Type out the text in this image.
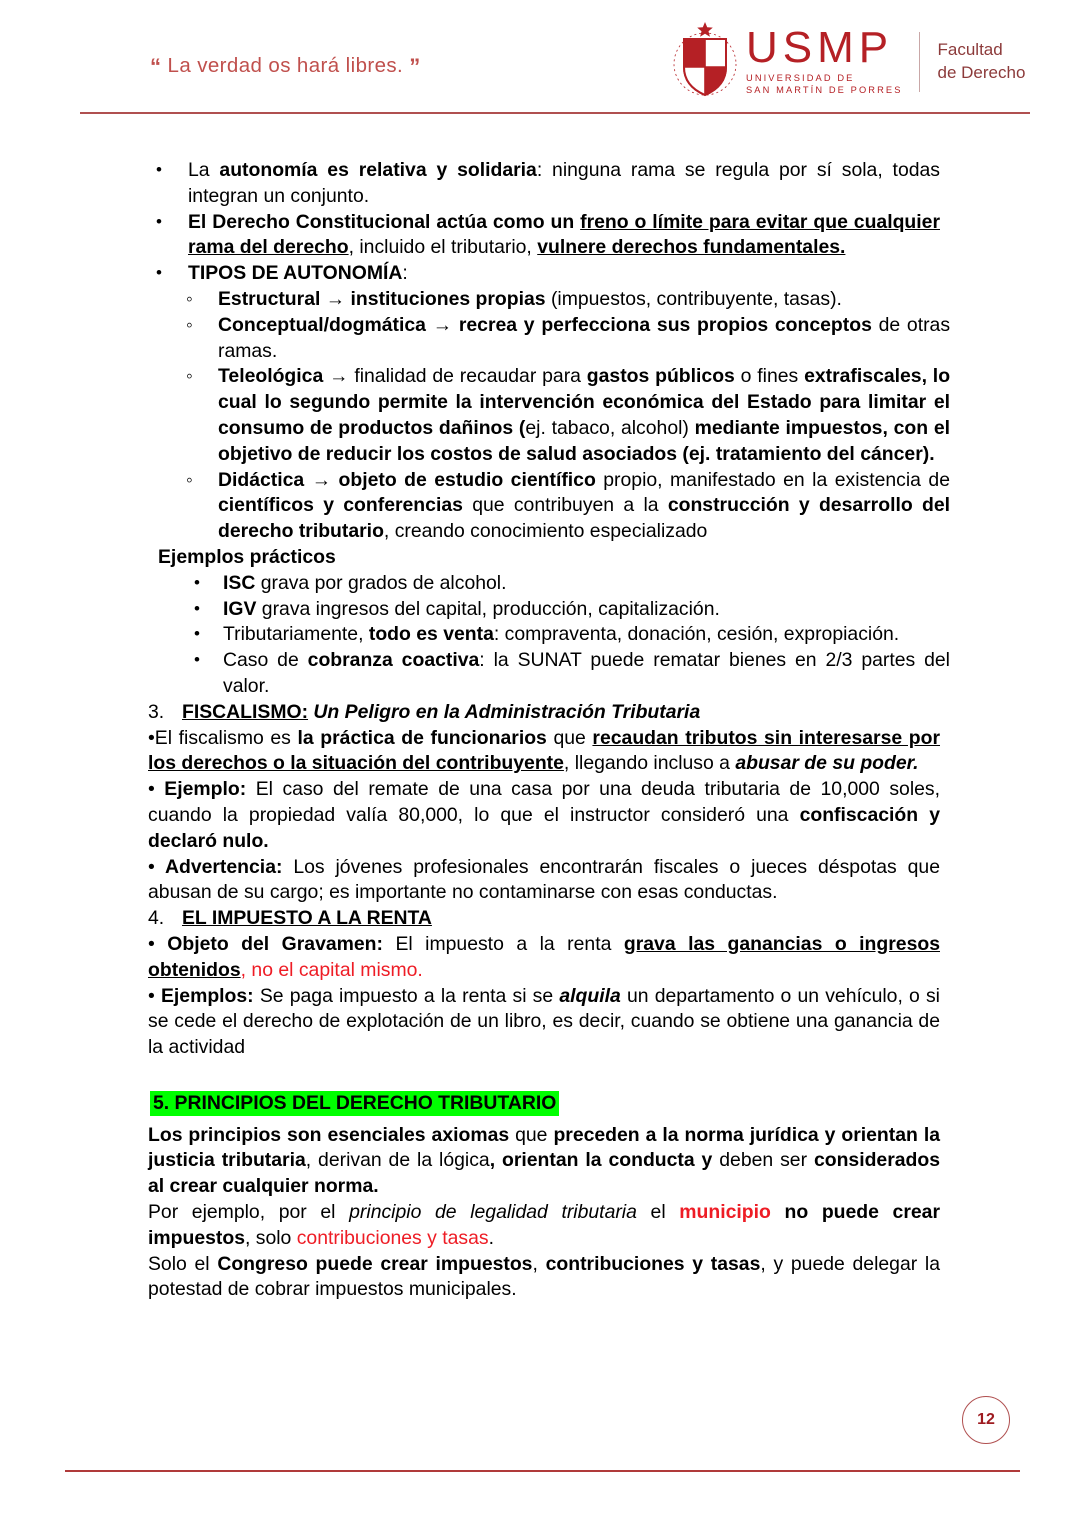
“ La verdad os hará libres. ”	USMP
UNIVERSIDAD DE
SAN MARTÍN DE PORRES
Facultad
de Derecho
• La autonomía es relativa y solidaria: ninguna rama se regula por sí sola, todas integran un conjunto.
• El Derecho Constitucional actúa como un freno o límite para evitar que cualquier rama del derecho, incluido el tributario, vulnere derechos fundamentales.
• TIPOS DE AUTONOMÍA:
◦ Estructural → instituciones propias (impuestos, contribuyente, tasas).
◦ Conceptual/dogmática → recrea y perfecciona sus propios conceptos de otras ramas.
◦ Teleológica → finalidad de recaudar para gastos públicos o fines extrafiscales, lo cual lo segundo permite la intervención económica del Estado para limitar el consumo de productos dañinos (ej. tabaco, alcohol) mediante impuestos, con el objetivo de reducir los costos de salud asociados (ej. tratamiento del cáncer).
◦ Didáctica → objeto de estudio científico propio, manifestado en la existencia de científicos y conferencias que contribuyen a la construcción y desarrollo del derecho tributario, creando conocimiento especializado
Ejemplos prácticos
• ISC grava por grados de alcohol.
• IGV grava ingresos del capital, producción, capitalización.
• Tributariamente, todo es venta: compraventa, donación, cesión, expropiación.
• Caso de cobranza coactiva: la SUNAT puede rematar bienes en 2/3 partes del valor.
3. FISCALISMO: Un Peligro en la Administración Tributaria
•El fiscalismo es la práctica de funcionarios que recaudan tributos sin interesarse por los derechos o la situación del contribuyente, llegando incluso a abusar de su poder.
• Ejemplo: El caso del remate de una casa por una deuda tributaria de 10,000 soles, cuando la propiedad valía 80,000, lo que el instructor consideró una confiscación y declaró nulo.
• Advertencia: Los jóvenes profesionales encontrarán fiscales o jueces déspotas que abusan de su cargo; es importante no contaminarse con esas conductas.
4. EL IMPUESTO A LA RENTA
• Objeto del Gravamen: El impuesto a la renta grava las ganancias o ingresos obtenidos, no el capital mismo.
• Ejemplos: Se paga impuesto a la renta si se alquila un departamento o un vehículo, o si se cede el derecho de explotación de un libro, es decir, cuando se obtiene una ganancia de la actividad
5. PRINCIPIOS DEL DERECHO TRIBUTARIO
Los principios son esenciales axiomas que preceden a la norma jurídica y orientan la justicia tributaria, derivan de la lógica, orientan la conducta y deben ser considerados al crear cualquier norma.
Por ejemplo, por el principio de legalidad tributaria el municipio no puede crear impuestos, solo contribuciones y tasas.
Solo el Congreso puede crear impuestos, contribuciones y tasas, y puede delegar la potestad de cobrar impuestos municipales.
12
